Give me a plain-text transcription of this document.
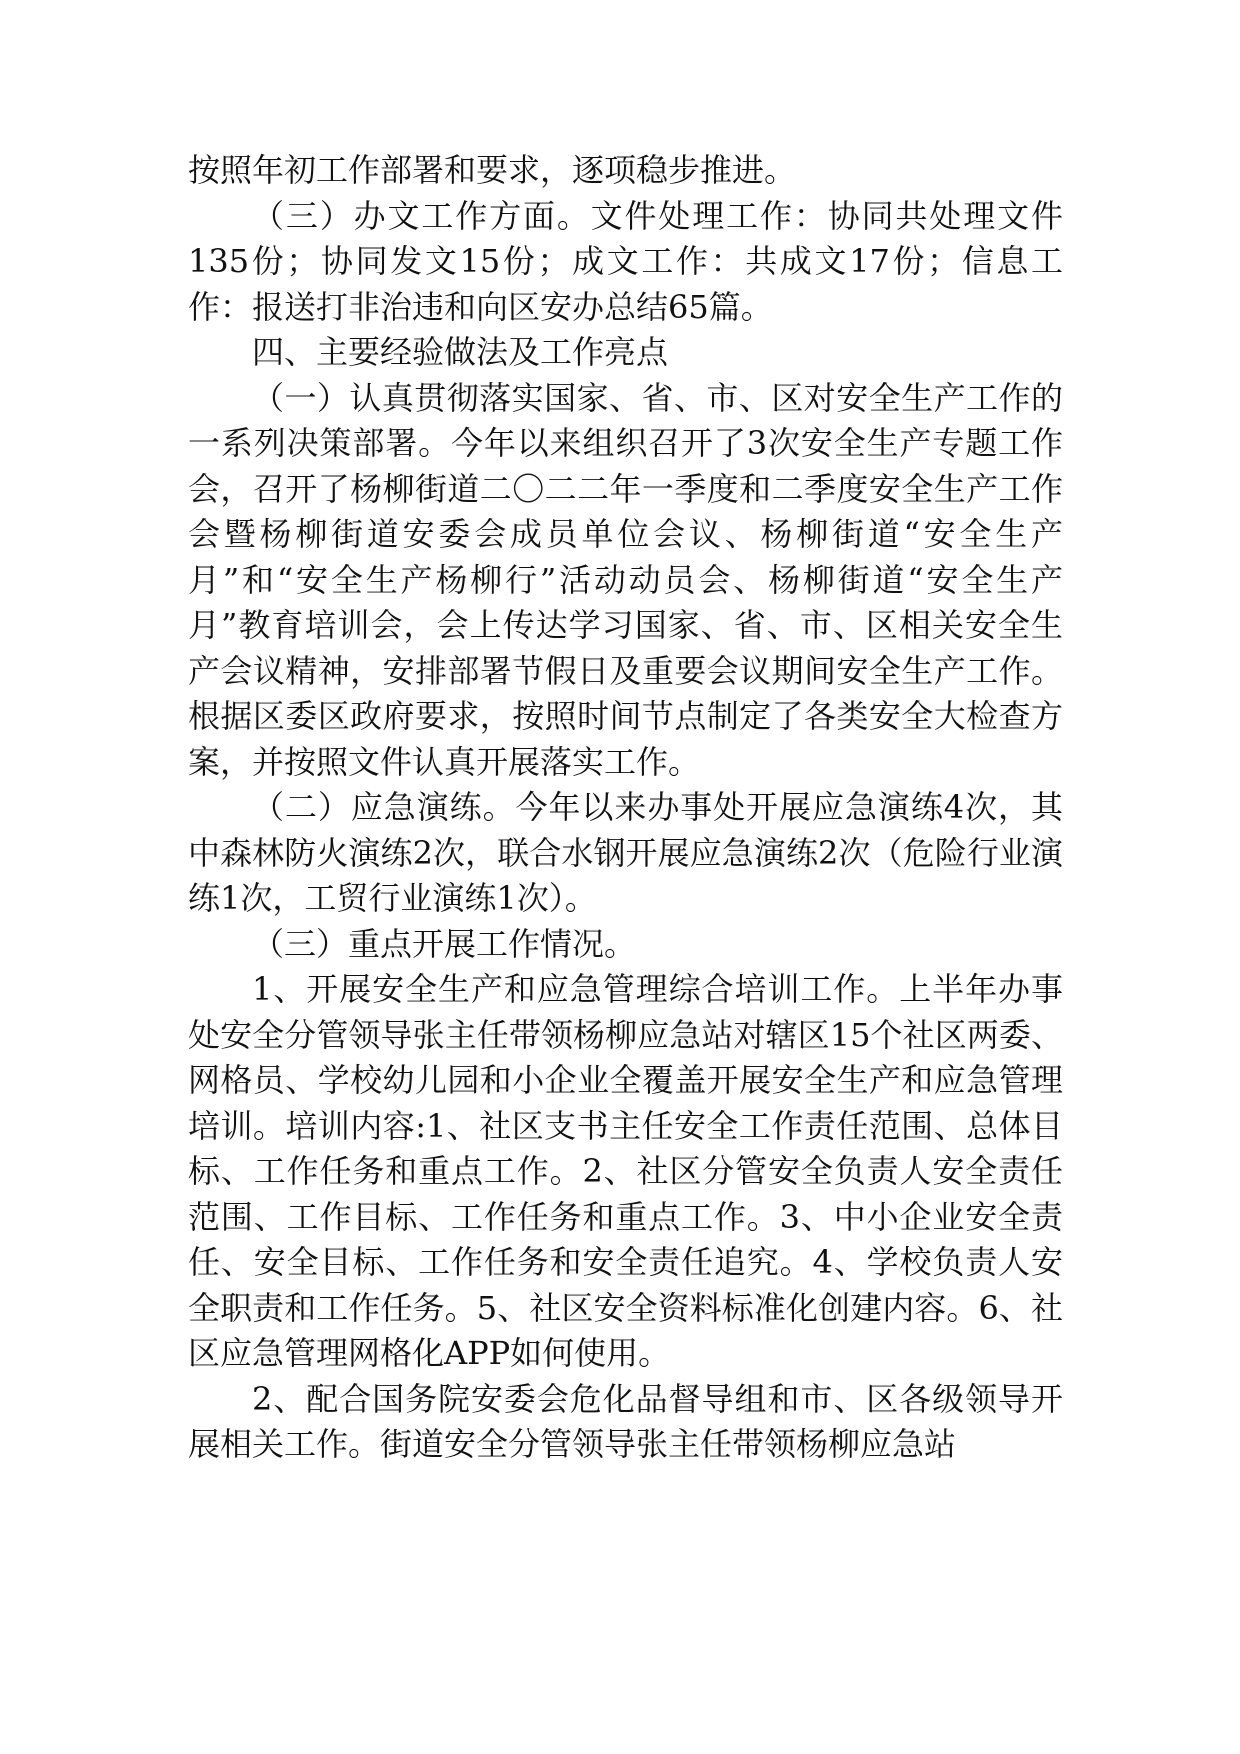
按照年初工作部署和要求，逐项稳步推进。

（三）办文工作方面。文件处理工作：协同共处理文件135份；协同发文15份；成文工作：共成文17份；信息工作：报送打非治违和向区安办总结65篇。

四、主要经验做法及工作亮点

（一）认真贯彻落实国家、省、市、区对安全生产工作的一系列决策部署。今年以来组织召开了3次安全生产专题工作会，召开了杨柳街道二〇二二年一季度和二季度安全生产工作会暨杨柳街道安委会成员单位会议、杨柳街道“安全生产月”和“安全生产杨柳行”活动动员会、杨柳街道“安全生产月”教育培训会，会上传达学习国家、省、市、区相关安全生产会议精神，安排部署节假日及重要会议期间安全生产工作。根据区委区政府要求，按照时间节点制定了各类安全大检查方案，并按照文件认真开展落实工作。

（二）应急演练。今年以来办事处开展应急演练4次，其中森林防火演练2次，联合水钢开展应急演练2次（危险行业演练1次，工贸行业演练1次）。

（三）重点开展工作情况。

1、开展安全生产和应急管理综合培训工作。上半年办事处安全分管领导张主任带领杨柳应急站对辖区15个社区两委、网格员、学校幼儿园和小企业全覆盖开展安全生产和应急管理培训。培训内容:1、社区支书主任安全工作责任范围、总体目标、工作任务和重点工作。2、社区分管安全负责人安全责任范围、工作目标、工作任务和重点工作。3、中小企业安全责任、安全目标、工作任务和安全责任追究。4、学校负责人安全职责和工作任务。5、社区安全资料标准化创建内容。6、社区应急管理网格化APP如何使用。

2、配合国务院安委会危化品督导组和市、区各级领导开展相关工作。街道安全分管领导张主任带领杨柳应急站
